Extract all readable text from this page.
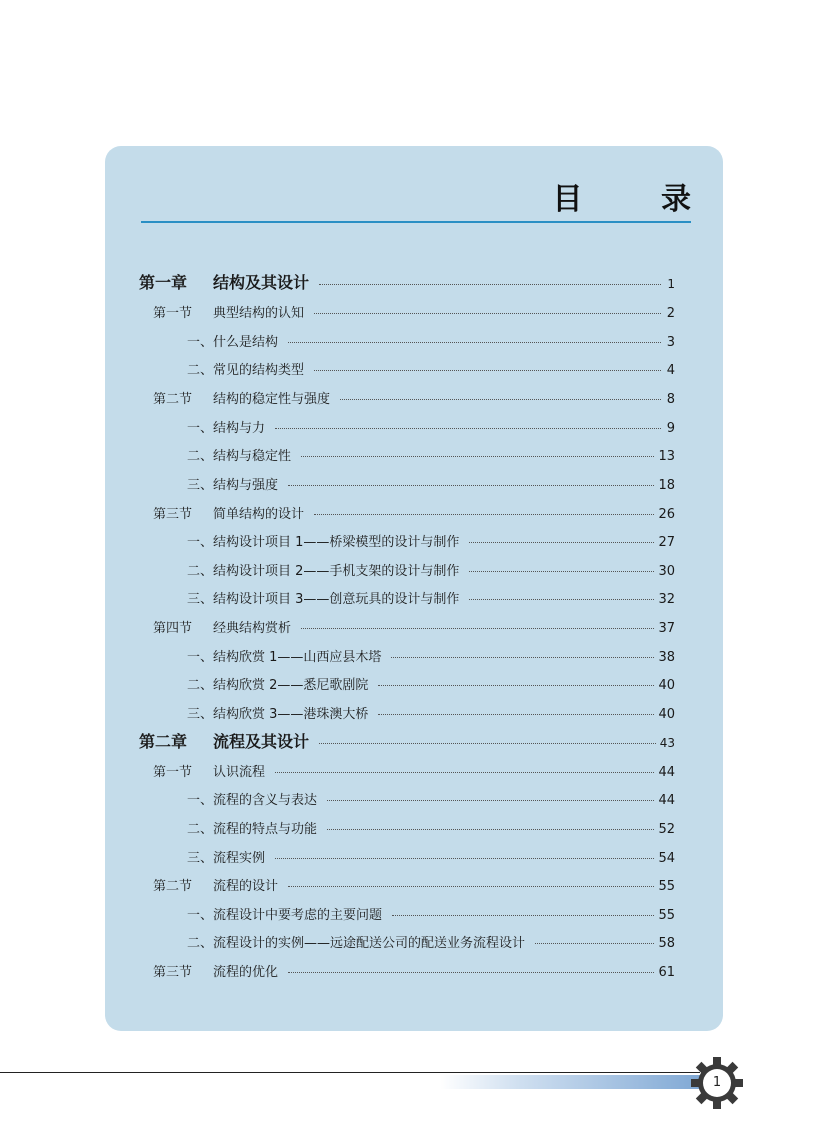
目 录
第一章	结构及其设计	1
第一节	典型结构的认知	2
一、什么是结构	3
二、常见的结构类型	4
第二节	结构的稳定性与强度	8
一、结构与力	9
二、结构与稳定性	13
三、结构与强度	18
第三节	简单结构的设计	26
一、结构设计项目 1——桥梁模型的设计与制作	27
二、结构设计项目 2——手机支架的设计与制作	30
三、结构设计项目 3——创意玩具的设计与制作	32
第四节	经典结构赏析	37
一、结构欣赏 1——山西应县木塔	38
二、结构欣赏 2——悉尼歌剧院	40
三、结构欣赏 3——港珠澳大桥	40
第二章	流程及其设计	43
第一节	认识流程	44
一、流程的含义与表达	44
二、流程的特点与功能	52
三、流程实例	54
第二节	流程的设计	55
一、流程设计中要考虑的主要问题	55
二、流程设计的实例——远途配送公司的配送业务流程设计	58
第三节	流程的优化	61
1
